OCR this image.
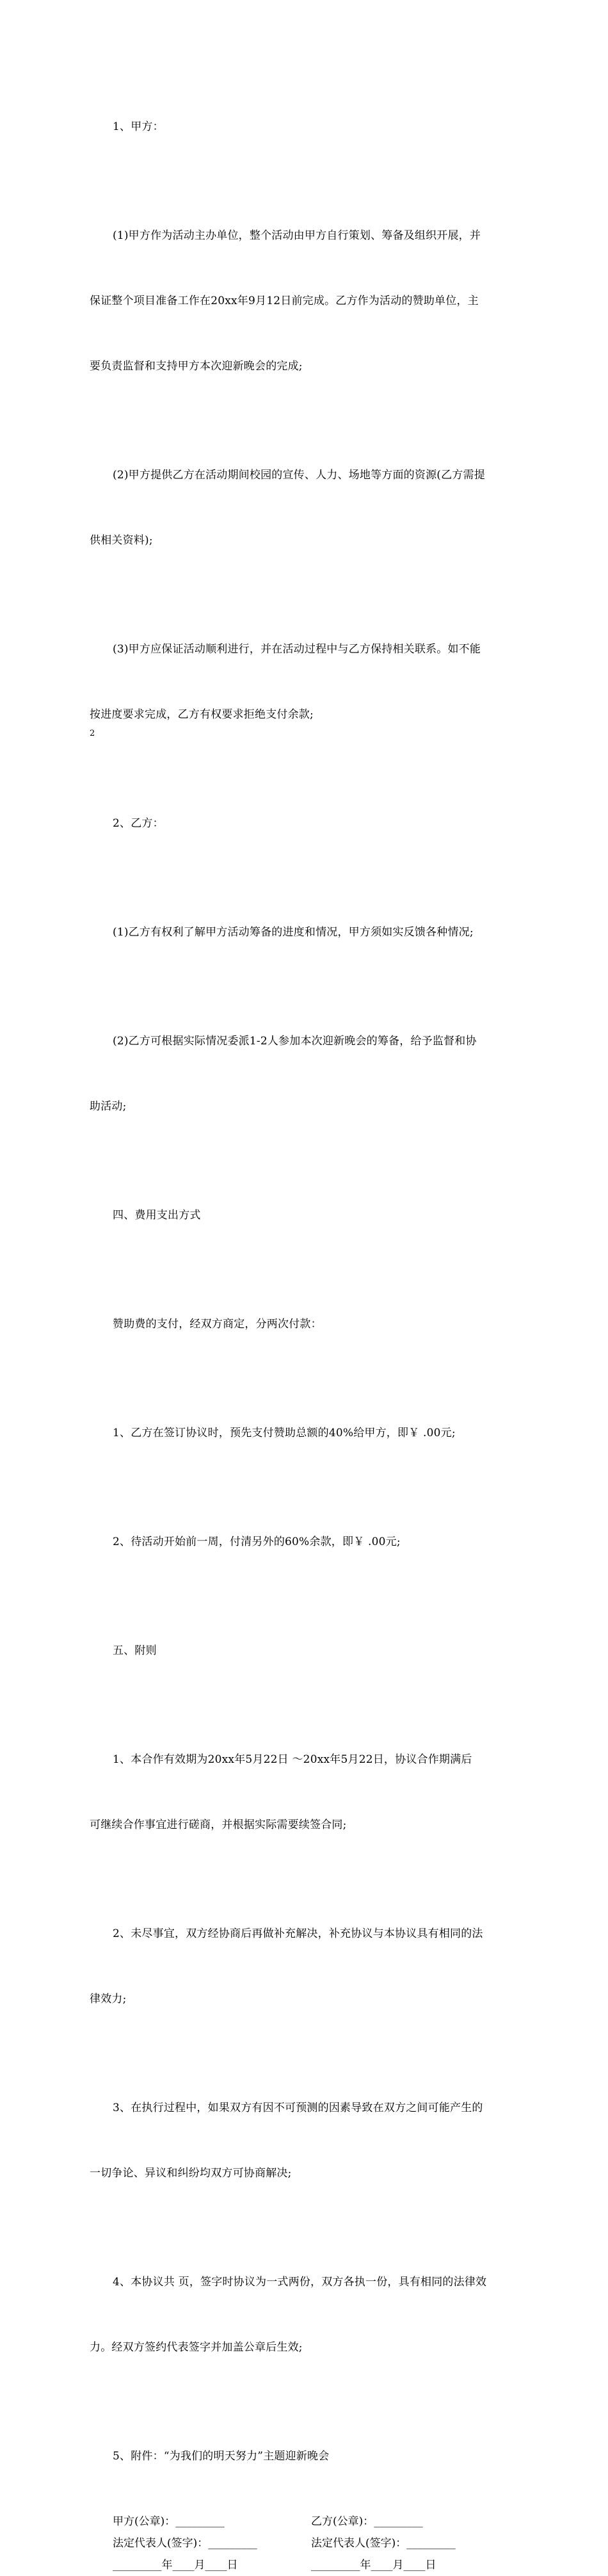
1、甲方：

(1)甲方作为活动主办单位，整个活动由甲方自行策划、筹备及组织开展，并

保证整个项目准备工作在20xx年9月12日前完成。乙方作为活动的赞助单位，主

要负责监督和支持甲方本次迎新晚会的完成;

(2)甲方提供乙方在活动期间校园的宣传、人力、场地等方面的资源(乙方需提

供相关资料);

(3)甲方应保证活动顺利进行，并在活动过程中与乙方保持相关联系。如不能

按进度要求完成，乙方有权要求拒绝支付余款;

2、乙方：

(1)乙方有权利了解甲方活动筹备的进度和情况，甲方须如实反馈各种情况;

(2)乙方可根据实际情况委派1-2人参加本次迎新晚会的筹备，给予监督和协

助活动;

四、费用支出方式

赞助费的支付，经双方商定，分两次付款：

1、乙方在签订协议时，预先支付赞助总额的40%给甲方，即￥ .00元;

2、待活动开始前一周，付清另外的60%余款，即￥ .00元;

五、附则

1、本合作有效期为20xx年5月22日 ～20xx年5月22日，协议合作期满后

可继续合作事宜进行磋商，并根据实际需要续签合同;

2、未尽事宜，双方经协商后再做补充解决，补充协议与本协议具有相同的法

律效力;

3、在执行过程中，如果双方有因不可预测的因素导致在双方之间可能产生的

一切争论、异议和纠纷均双方可协商解决;

4、本协议共 页，签字时协议为一式两份，双方各执一份，具有相同的法律效

力。经双方签约代表签字并加盖公章后生效;

5、附件：“为我们的明天努力”主题迎新晚会

甲方(公章)：_________	乙方(公章)：_________
法定代表人(签字)：_________	法定代表人(签字)：_________
_________年____月____日	_________年____月____日
2
